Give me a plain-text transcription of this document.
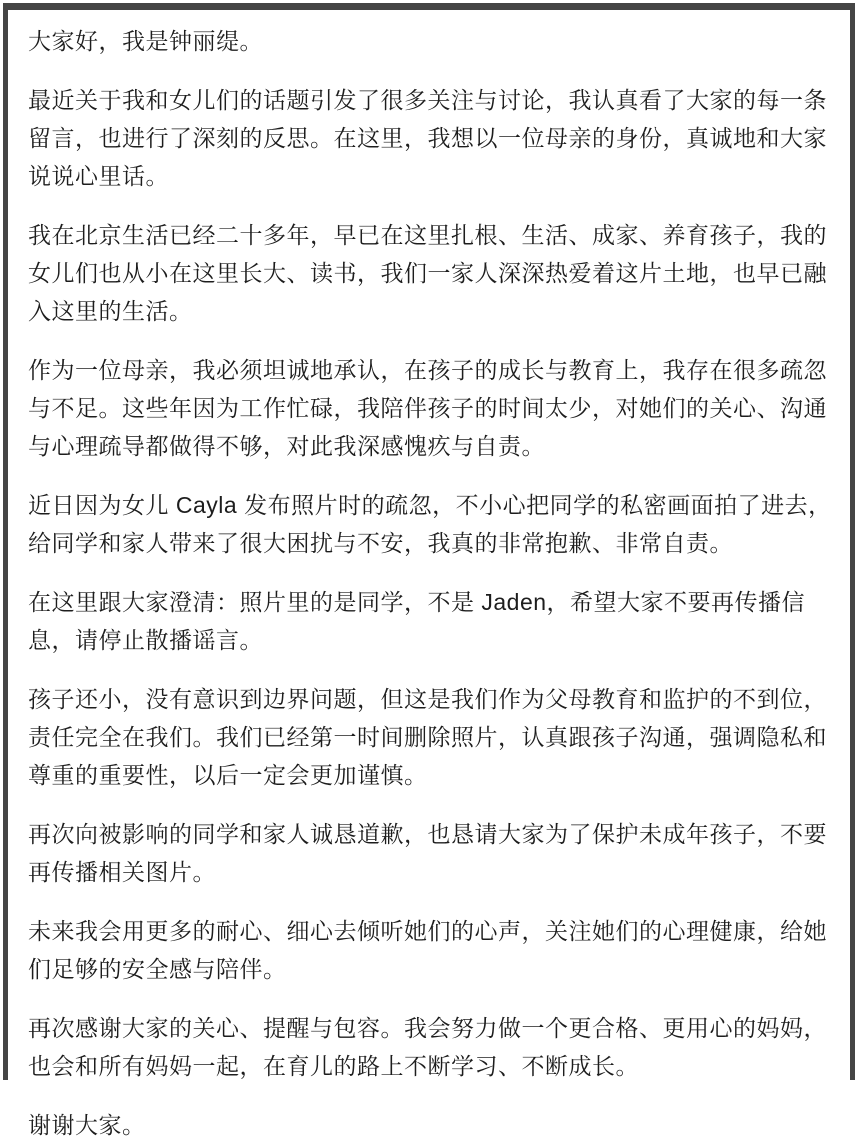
大家好，我是钟丽缇。

最近关于我和女儿们的话题引发了很多关注与讨论，我认真看了大家的每一条留言，也进行了深刻的反思。在这里，我想以一位母亲的身份，真诚地和大家说说心里话。

我在北京生活已经二十多年，早已在这里扎根、生活、成家、养育孩子，我的女儿们也从小在这里长大、读书，我们一家人深深热爱着这片土地，也早已融入这里的生活。

作为一位母亲，我必须坦诚地承认，在孩子的成长与教育上，我存在很多疏忽与不足。这些年因为工作忙碌，我陪伴孩子的时间太少，对她们的关心、沟通与心理疏导都做得不够，对此我深感愧疚与自责。

近日因为女儿 Cayla 发布照片时的疏忽，不小心把同学的私密画面拍了进去，给同学和家人带来了很大困扰与不安，我真的非常抱歉、非常自责。

在这里跟大家澄清：照片里的是同学，不是 Jaden，希望大家不要再传播信息，请停止散播谣言。

孩子还小，没有意识到边界问题，但这是我们作为父母教育和监护的不到位，责任完全在我们。我们已经第一时间删除照片，认真跟孩子沟通，强调隐私和尊重的重要性，以后一定会更加谨慎。

再次向被影响的同学和家人诚恳道歉，也恳请大家为了保护未成年孩子，不要再传播相关图片。

未来我会用更多的耐心、细心去倾听她们的心声，关注她们的心理健康，给她们足够的安全感与陪伴。

再次感谢大家的关心、提醒与包容。我会努力做一个更合格、更用心的妈妈，也会和所有妈妈一起，在育儿的路上不断学习、不断成长。

谢谢大家。
